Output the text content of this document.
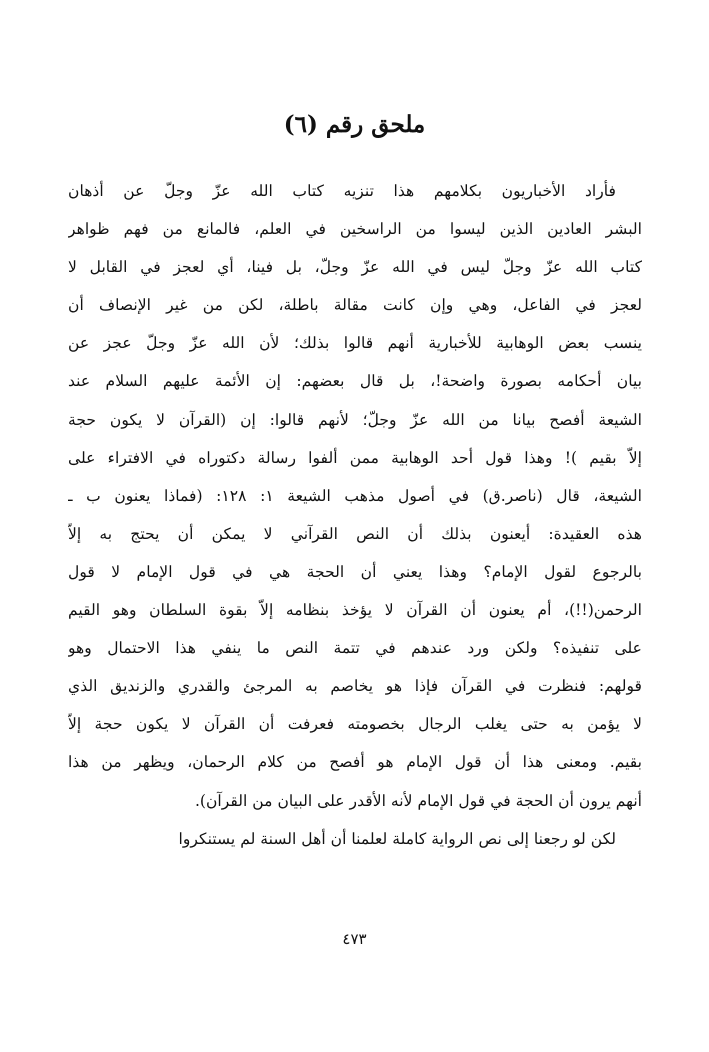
ملحق رقم (٦)
فأراد الأخباريون بكلامهم هذا تنزيه كتاب الله عزّ وجلّ عن أذهان
البشر العادين الذين ليسوا من الراسخين في العلم، فالمانع من فهم ظواهر
كتاب الله عزّ وجلّ ليس في الله عزّ وجلّ، بل فينا، أي لعجز في القابل لا
لعجز في الفاعل، وهي وإن كانت مقالة باطلة، لكن من غير الإنصاف أن
ينسب بعض الوهابية للأخبارية أنهم قالوا بذلك؛ لأن الله عزّ وجلّ عجز عن
بيان أحكامه بصورة واضحة!، بل قال بعضهم: إن الأئمة عليهم السلام عند
الشيعة أفصح بيانا من الله عزّ وجلّ؛ لأنهم قالوا: إن (القرآن لا يكون حجة
إلاّ بقيم )! وهذا قول أحد الوهابية ممن ألفوا رسالة دكتوراه في الافتراء على
الشيعة، قال (ناصر.ق) في أصول مذهب الشيعة ١: ١٢٨: (فماذا يعنون ب ـ
هذه العقيدة: أيعنون بذلك أن النص القرآني لا يمكن أن يحتج به إلاّ
بالرجوع لقول الإمام؟ وهذا يعني أن الحجة هي في قول الإمام لا قول
الرحمن(!!)، أم يعنون أن القرآن لا يؤخذ بنظامه إلاّ بقوة السلطان وهو القيم
على تنفيذه؟ ولكن ورد عندهم في تتمة النص ما ينفي هذا الاحتمال وهو
قولهم: فنظرت في القرآن فإذا هو يخاصم به المرجئ والقدري والزنديق الذي
لا يؤمن به حتى يغلب الرجال بخصومته فعرفت أن القرآن لا يكون حجة إلاّ
بقيم. ومعنى هذا أن قول الإمام هو أفصح من كلام الرحمان، ويظهر من هذا
أنهم يرون أن الحجة في قول الإمام لأنه الأقدر على البيان من القرآن).
لكن لو رجعنا إلى نص الرواية كاملة لعلمنا أن أهل السنة لم يستنكروا
٤٧٣
